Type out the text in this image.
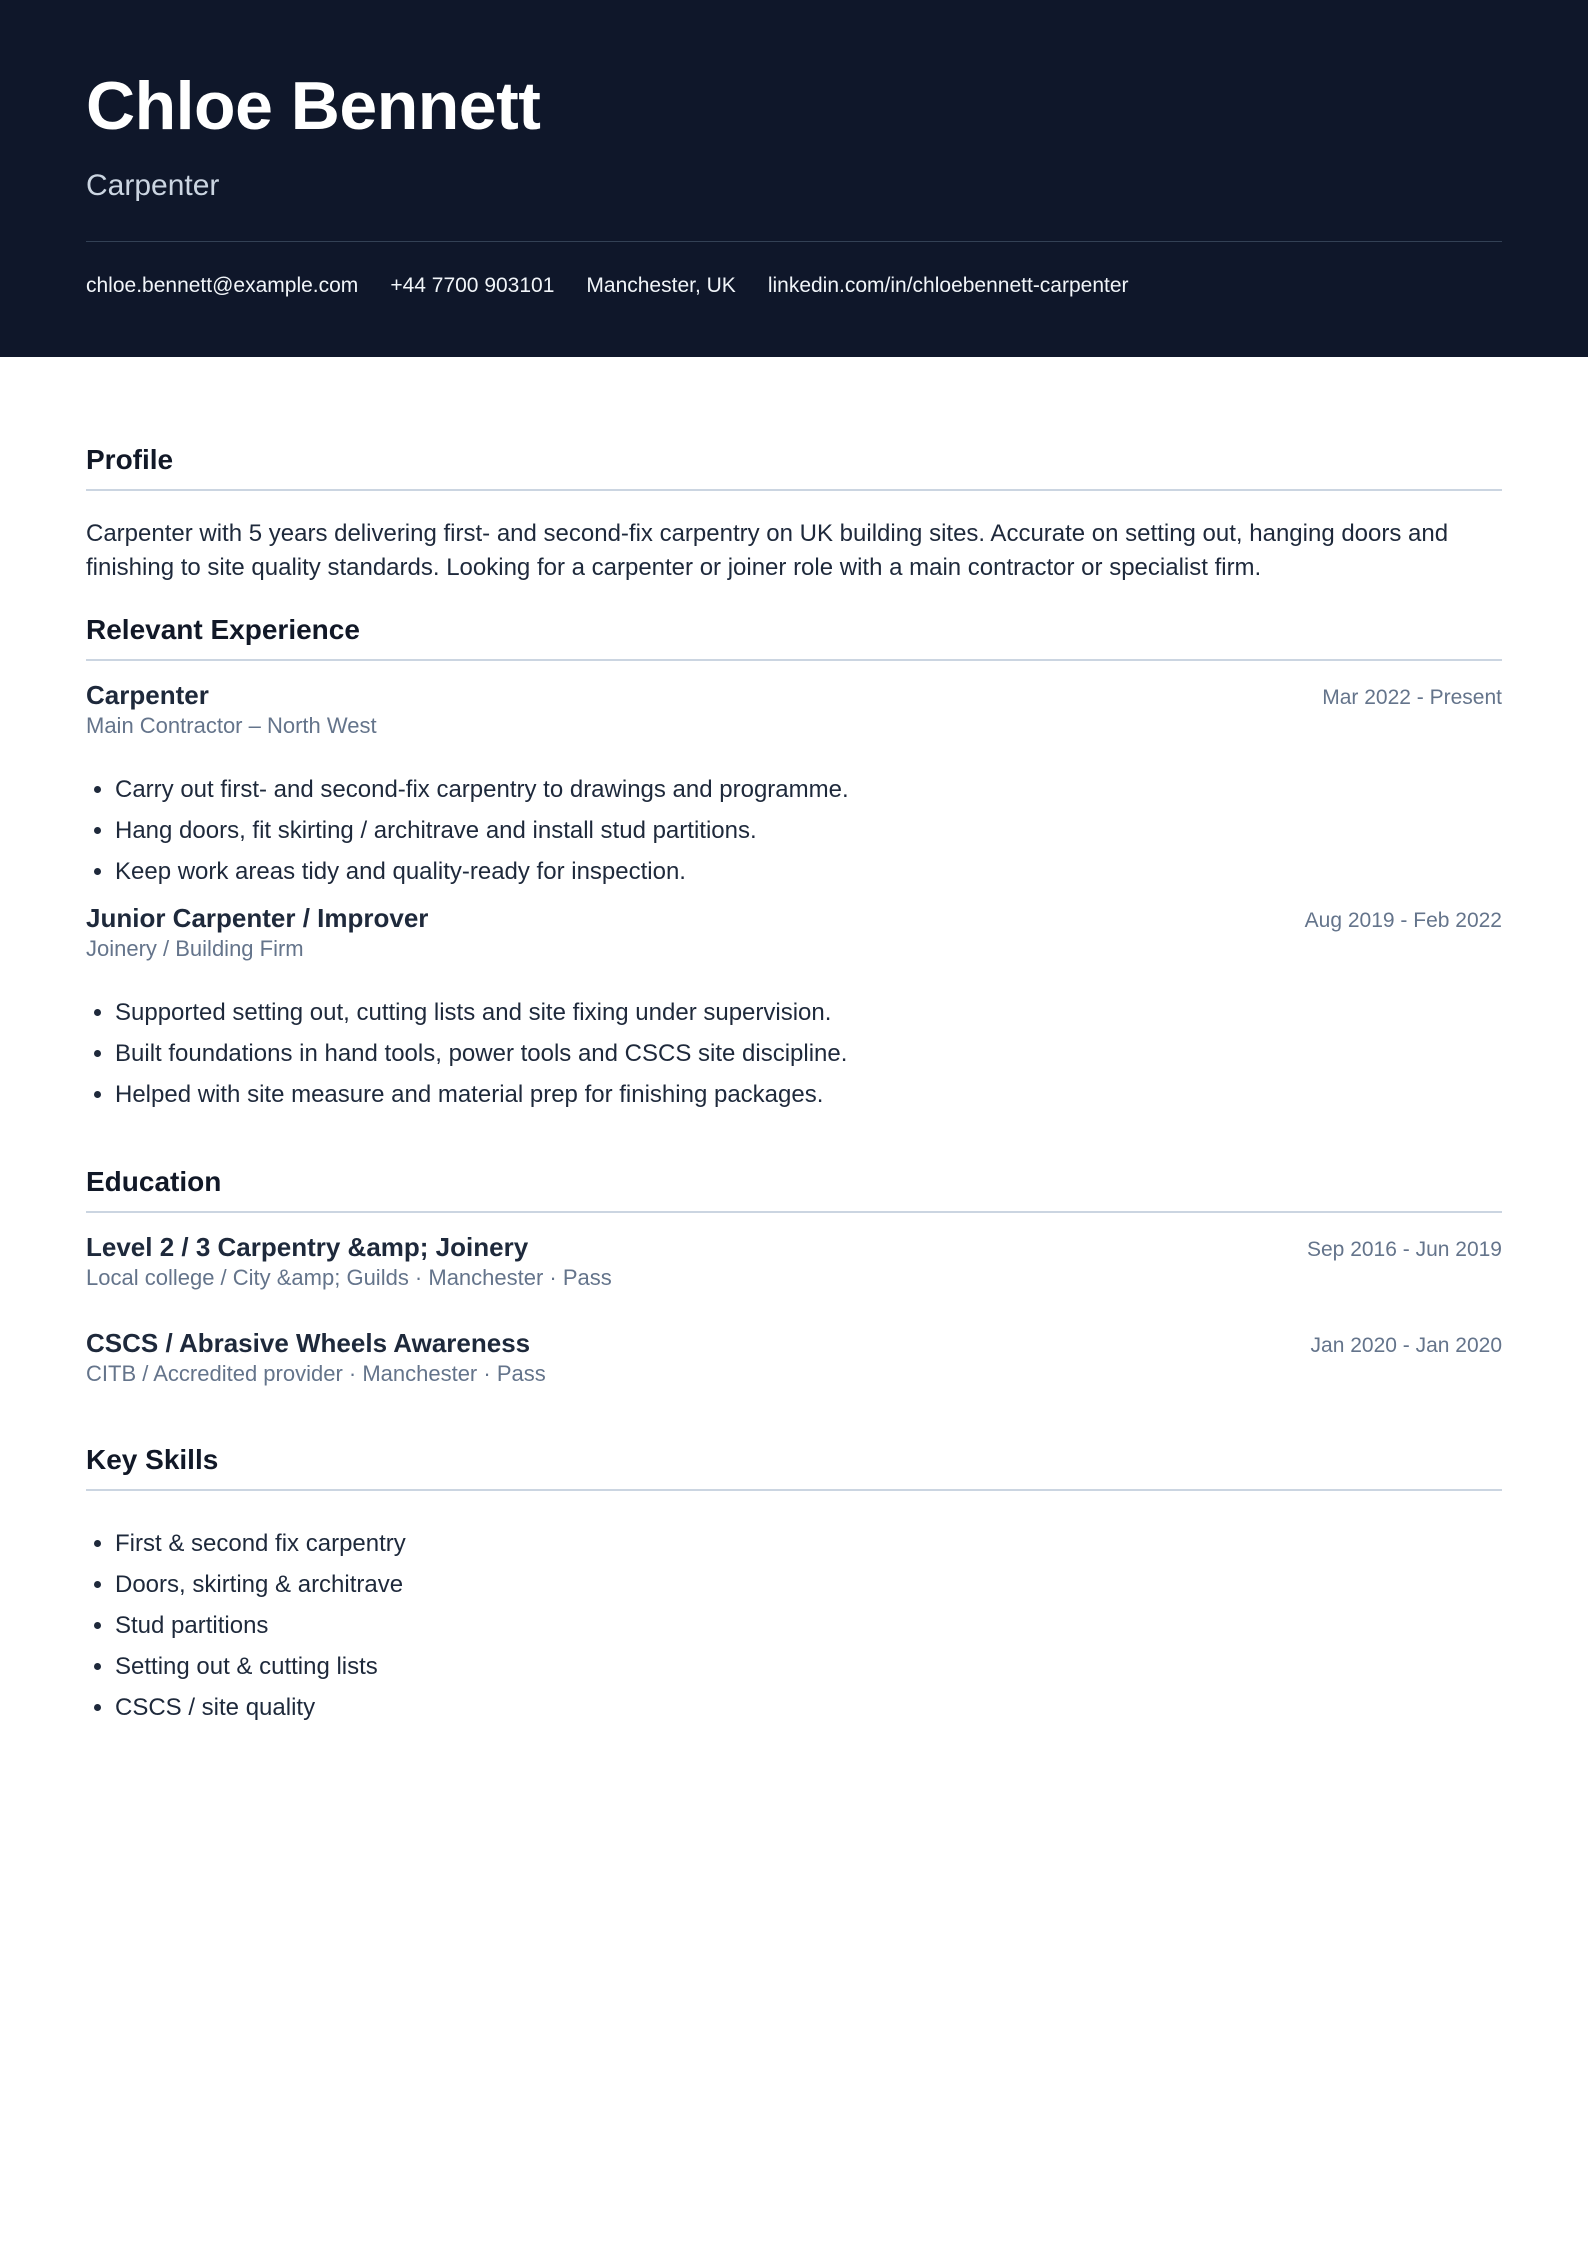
Chloe Bennett
Carpenter
chloe.bennett@example.com +44 7700 903101 Manchester, UK linkedin.com/in/chloebennett-carpenter
Profile
Carpenter with 5 years delivering first- and second-fix carpentry on UK building sites. Accurate on setting out, hanging doors and finishing to site quality standards. Looking for a carpenter or joiner role with a main contractor or specialist firm.
Relevant Experience
Carpenter	Mar 2022 - Present
Main Contractor – North West
• Carry out first- and second-fix carpentry to drawings and programme.
• Hang doors, fit skirting / architrave and install stud partitions.
• Keep work areas tidy and quality-ready for inspection.
Junior Carpenter / Improver	Aug 2019 - Feb 2022
Joinery / Building Firm
• Supported setting out, cutting lists and site fixing under supervision.
• Built foundations in hand tools, power tools and CSCS site discipline.
• Helped with site measure and material prep for finishing packages.
Education
Level 2 / 3 Carpentry &amp; Joinery	Sep 2016 - Jun 2019
Local college / City &amp; Guilds · Manchester · Pass
CSCS / Abrasive Wheels Awareness	Jan 2020 - Jan 2020
CITB / Accredited provider · Manchester · Pass
Key Skills
• First & second fix carpentry
• Doors, skirting & architrave
• Stud partitions
• Setting out & cutting lists
• CSCS / site quality
